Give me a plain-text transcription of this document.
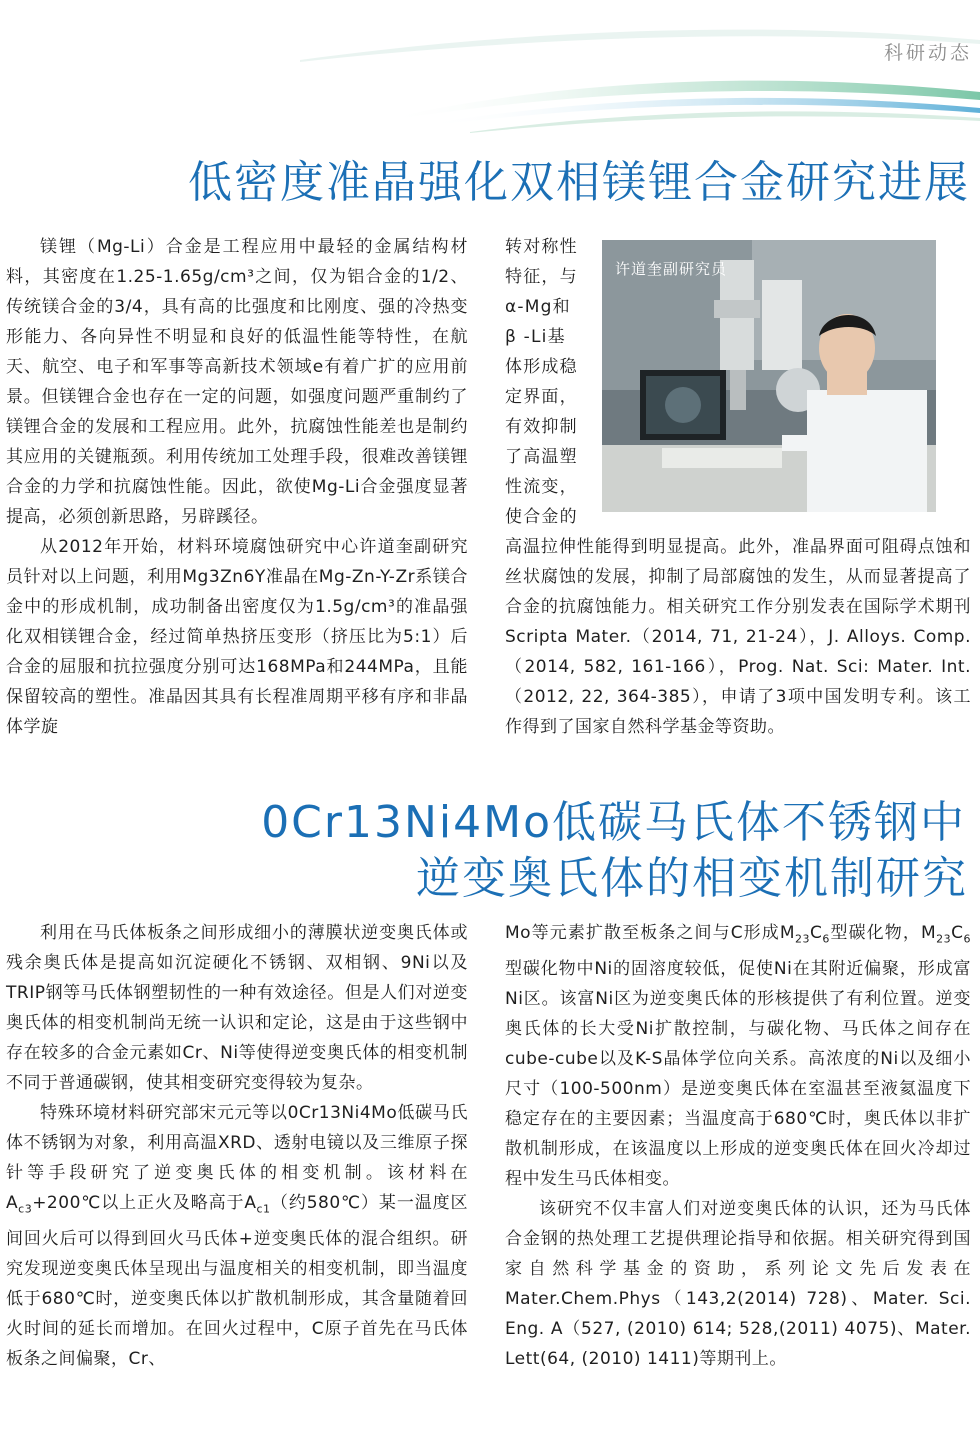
科研动态
低密度准晶强化双相镁锂合金研究进展

镁锂（Mg-Li）合金是工程应用中最轻的金属结构材料，其密度在1.25-1.65g/cm³之间，仅为铝合金的1/2、传统镁合金的3/4，具有高的比强度和比刚度、强的冷热变形能力、各向异性不明显和良好的低温性能等特性，在航天、航空、电子和军事等高新技术领域e有着广扩的应用前景。但镁锂合金也存在一定的问题，如强度问题严重制约了镁锂合金的发展和工程应用。此外，抗腐蚀性能差也是制约其应用的关键瓶颈。利用传统加工处理手段，很难改善镁锂合金的力学和抗腐蚀性能。因此，欲使Mg-Li合金强度显著提高，必须创新思路，另辟蹊径。

从2012年开始，材料环境腐蚀研究中心许道奎副研究员针对以上问题，利用Mg3Zn6Y准晶在Mg-Zn-Y-Zr系镁合金中的形成机制，成功制备出密度仅为1.5g/cm³的准晶强化双相镁锂合金，经过简单热挤压变形（挤压比为5:1）后合金的屈服和抗拉强度分别可达168MPa和244MPa，且能保留较高的塑性。准晶因其具有长程准周期平移有序和非晶体学旋

转对称性

特征，与

α-Mg和

β -Li基

体形成稳

定界面，

有效抑制

了高温塑

性流变，

使合金的

许道奎副研究员

高温拉伸性能得到明显提高。此外，准晶界面可阻碍点蚀和丝状腐蚀的发展，抑制了局部腐蚀的发生，从而显著提高了合金的抗腐蚀能力。相关研究工作分别发表在国际学术期刊Scripta Mater.（2014, 71, 21-24），J. Alloys. Comp.（2014, 582, 161-166），Prog. Nat. Sci: Mater. Int.（2012, 22, 364-385），申请了3项中国发明专利。该工作得到了国家自然科学基金等资助。

0Cr13Ni4Mo低碳马氏体不锈钢中
逆变奥氏体的相变机制研究

利用在马氏体板条之间形成细小的薄膜状逆变奥氏体或残余奥氏体是提高如沉淀硬化不锈钢、双相钢、9Ni以及TRIP钢等马氏体钢塑韧性的一种有效途径。但是人们对逆变奥氏体的相变机制尚无统一认识和定论，这是由于这些钢中存在较多的合金元素如Cr、Ni等使得逆变奥氏体的相变机制不同于普通碳钢，使其相变研究变得较为复杂。

特殊环境材料研究部宋元元等以0Cr13Ni4Mo低碳马氏体不锈钢为对象，利用高温XRD、透射电镜以及三维原子探针等手段研究了逆变奥氏体的相变机制。该材料在$A_{c3}+200℃$以上正火及略高于$A_{c1}$（约580℃）某一温度区间回火后可以得到回火马氏体+逆变奥氏体的混合组织。研究发现逆变奥氏体呈现出与温度相关的相变机制，即当温度低于680℃时，逆变奥氏体以扩散机制形成，其含量随着回火时间的延长而增加。在回火过程中，C原子首先在马氏体板条之间偏聚，Cr、

Mo等元素扩散至板条之间与C形成$M_{23}C_6$型碳化物，$M_{23}C_6$型碳化物中Ni的固溶度较低，促使Ni在其附近偏聚，形成富Ni区。该富Ni区为逆变奥氏体的形核提供了有利位置。逆变奥氏体的长大受Ni扩散控制，与碳化物、马氏体之间存在cube-cube以及K-S晶体学位向关系。高浓度的Ni以及细小尺寸（100-500nm）是逆变奥氏体在室温甚至液氦温度下稳定存在的主要因素；当温度高于680℃时，奥氏体以非扩散机制形成，在该温度以上形成的逆变奥氏体在回火冷却过程中发生马氏体相变。

该研究不仅丰富人们对逆变奥氏体的认识，还为马氏体合金钢的热处理工艺提供理论指导和依据。相关研究得到国家自然科学基金的资助，系列论文先后发表在Mater.Chem.Phys（143,2(2014) 728)、Mater. Sci. Eng. A（527, (2010) 614; 528,(2011) 4075)、Mater. Lett(64, (2010) 1411)等期刊上。
